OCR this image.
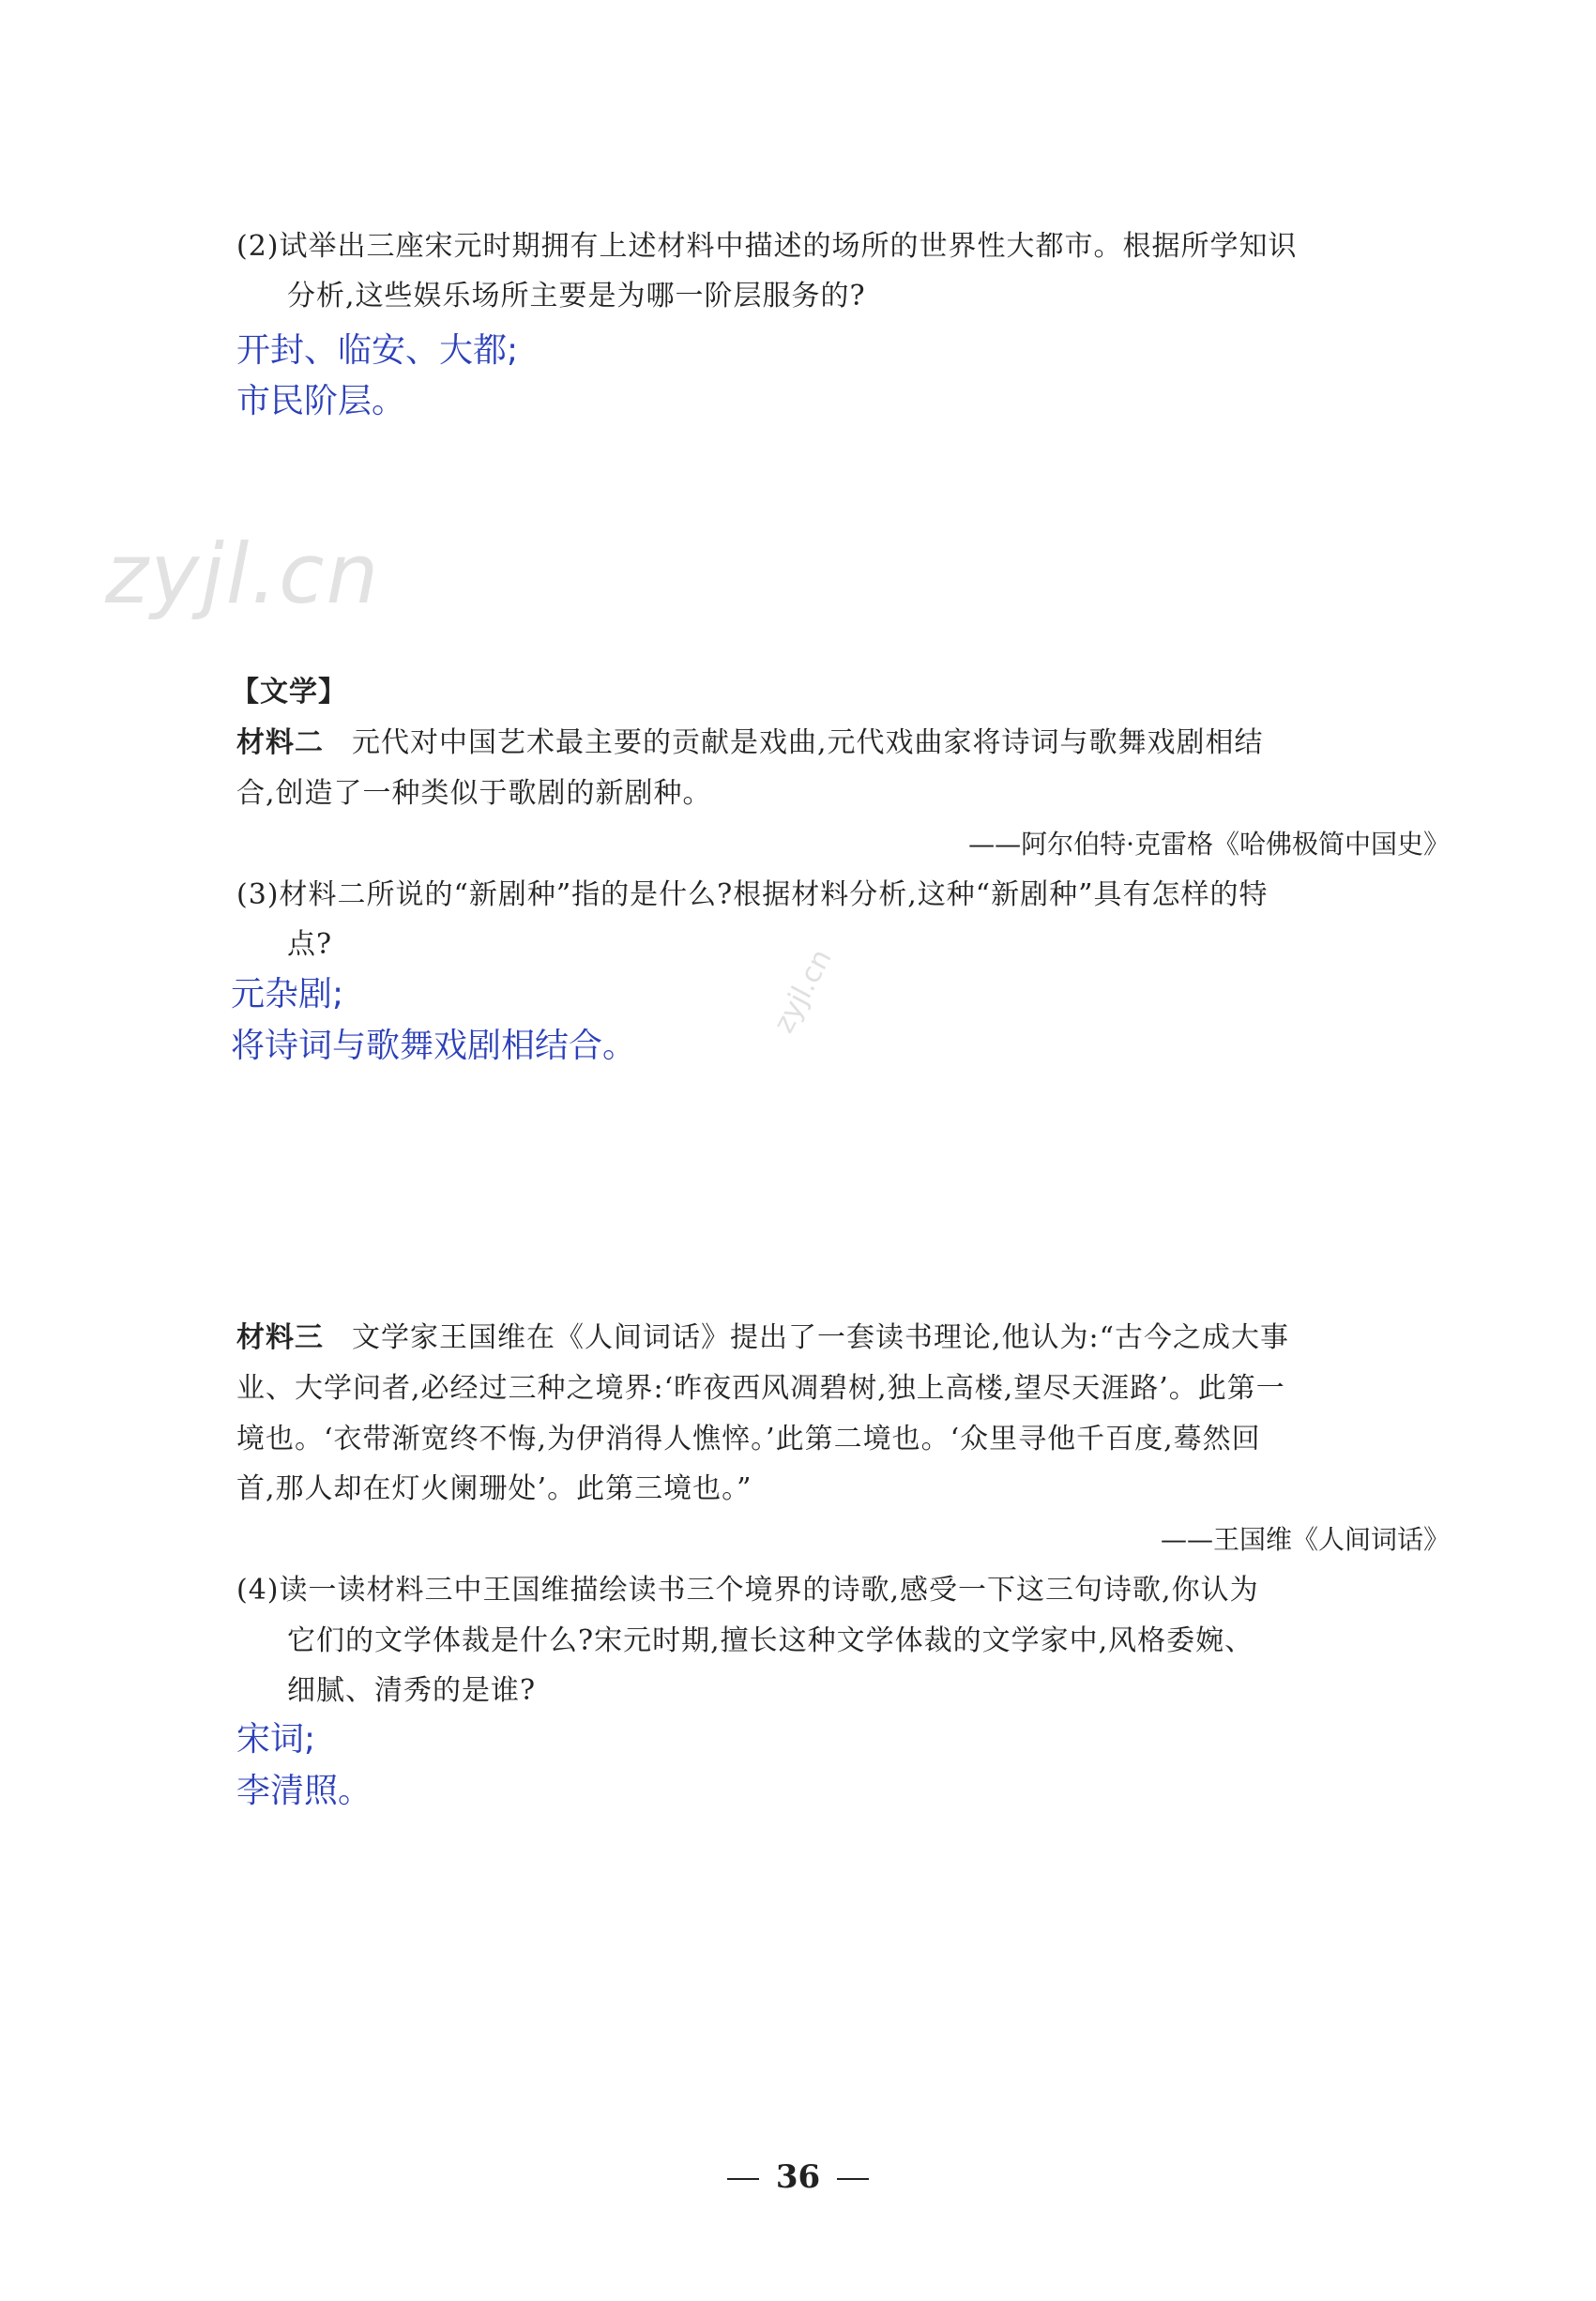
(2)试举出三座宋元时期拥有上述材料中描述的场所的世界性大都市。根据所学知识
分析,这些娱乐场所主要是为哪一阶层服务的?
开封、临安、大都;
市民阶层。
zyjl.cn
【文学】
材料二 元代对中国艺术最主要的贡献是戏曲,元代戏曲家将诗词与歌舞戏剧相结
合,创造了一种类似于歌剧的新剧种。
——阿尔伯特·克雷格《哈佛极简中国史》
(3)材料二所说的“新剧种”指的是什么?根据材料分析,这种“新剧种”具有怎样的特
点?
元杂剧;
将诗词与歌舞戏剧相结合。
zyjl.cn
材料三 文学家王国维在《人间词话》提出了一套读书理论,他认为:“古今之成大事
业、大学问者,必经过三种之境界:‘昨夜西风凋碧树,独上高楼,望尽天涯路’。此第一
境也。‘衣带渐宽终不悔,为伊消得人憔悴。’此第二境也。‘众里寻他千百度,蓦然回
首,那人却在灯火阑珊处’。此第三境也。”
——王国维《人间词话》
(4)读一读材料三中王国维描绘读书三个境界的诗歌,感受一下这三句诗歌,你认为
它们的文学体裁是什么?宋元时期,擅长这种文学体裁的文学家中,风格委婉、
细腻、清秀的是谁?
宋词;
李清照。
36
